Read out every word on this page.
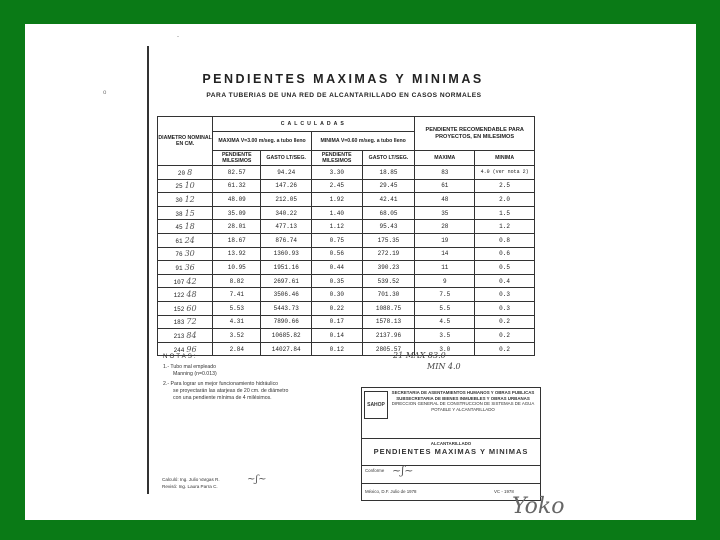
-
o
PENDIENTES MAXIMAS Y MINIMAS
PARA TUBERIAS DE UNA RED DE ALCANTARILLADO EN CASOS NORMALES
DIAMETRO NOMINAL EN CM.	CALCULADAS				PENDIENTE RECOMENDABLE PARA PROYECTOS, EN MILESIMOS	
	MAXIMA V=3.00 m/seg. a tubo lleno		MINIMA V=0.60 m/seg. a tubo lleno			
	PENDIENTE MILESIMOS	GASTO LT/SEG.	PENDIENTE MILESIMOS	GASTO LT/SEG.	MAXIMA	MINIMA
20 8	82.57	94.24	3.30	18.85	83	4.0 (ver nota 2)
25 10	61.32	147.26	2.45	29.45	61	2.5
30 12	48.09	212.05	1.92	42.41	48	2.0
38 15	35.09	340.22	1.40	68.05	35	1.5
45 18	28.01	477.13	1.12	95.43	28	1.2
61 24	18.67	876.74	0.75	175.35	19	0.8
76 30	13.92	1360.93	0.56	272.19	14	0.6
91 36	10.95	1951.16	0.44	390.23	11	0.5
107 42	8.82	2697.61	0.35	539.52	9	0.4
122 48	7.41	3506.46	0.30	701.30	7.5	0.3
152 60	5.53	5443.73	0.22	1088.75	5.5	0.3
183 72	4.31	7890.66	0.17	1578.13	4.5	0.2
213 84	3.52	10685.82	0.14	2137.96	3.5	0.2
244 96	2.84	14027.84	0.12	2805.57	3.0	0.2
NOTAS:
1.- Tubo mal empleado
Manning (n=0.013)
2.- Para lograr un mejor funcionamiento hidráulico
se proyectarán las atarjeas de 20 cm. de diámetro
con una pendiente mínima de 4 milésimos.
21 MAX 83.0
MIN 4.0
SAHOP
SECRETARIA DE ASENTAMIENTOS HUMANOS Y OBRAS PUBLICAS
SUBSECRETARIA DE BIENES INMUEBLES Y OBRAS URBANAS
DIRECCION GENERAL DE CONSTRUCCION DE SISTEMAS DE AGUA POTABLE Y ALCANTARILLADO
ALCANTARILLADO
PENDIENTES MAXIMAS Y MINIMAS
Conforme ~ʃ~
México, D.F. Julio de 1978	VC - 1978
Calculó: Ing. Julio Vargas R.
Revisó: Ing. Laura Parra C.
~ʃ~
Yoko
